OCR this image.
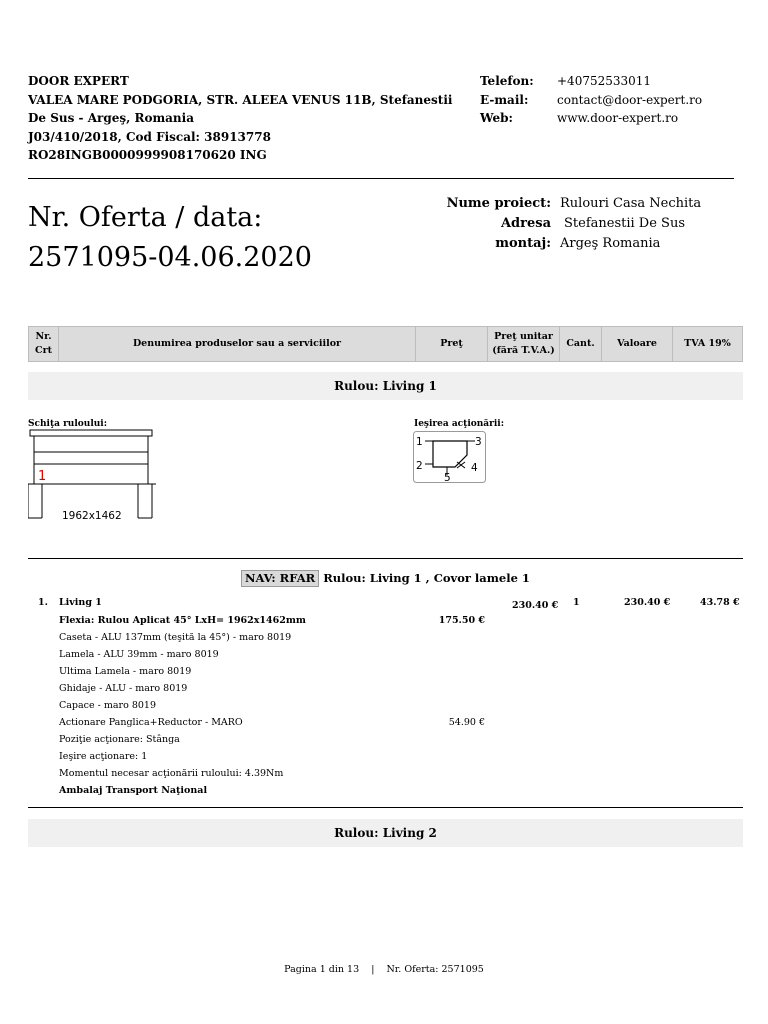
DOOR EXPERT
VALEA MARE PODGORIA, STR. ALEEA VENUS 11B, Stefanestii De Sus - Argeş, Romania
J03/410/2018, Cod Fiscal: 38913778
RO28INGB0000999908170620 ING
Telefon:	+40752533011
E-mail:	contact@door-expert.ro
Web:	www.door-expert.ro
Nr. Oferta / data:
2571095-04.06.2020
Nume proiect: Rulouri Casa Nechita
Adresa	Stefanestii De Sus
montaj: Argeş Romania
Nr.
Crt	Denumirea produselor sau a serviciilor	Preţ	Preţ unitar
(fără T.V.A.)	Cant.	Valoare	TVA 19%
Rulou: Living 1
Schiţa ruloului:
1
1962x1462
Ieşirea acţionării:
1	3
2	4
5
NAV: RFAR Rulou: Living 1 , Covor lamele 1
1. Living 1	230.40 € 1	230.40 €	43.78 €
Flexia: Rulou Aplicat 45° LxH= 1962x1462mm	175.50 €
Caseta - ALU 137mm (teşită la 45°) - maro 8019
Lamela - ALU 39mm - maro 8019
Ultima Lamela - maro 8019
Ghidaje - ALU - maro 8019
Capace - maro 8019
Actionare Panglica+Reductor - MARO	54.90 €
Poziţie acţionare: Stânga
Ieşire acţionare: 1
Momentul necesar acţionării ruloului: 4.39Nm
Ambalaj Transport Naţional
Rulou: Living 2
Pagina 1 din 13    |    Nr. Oferta: 2571095
